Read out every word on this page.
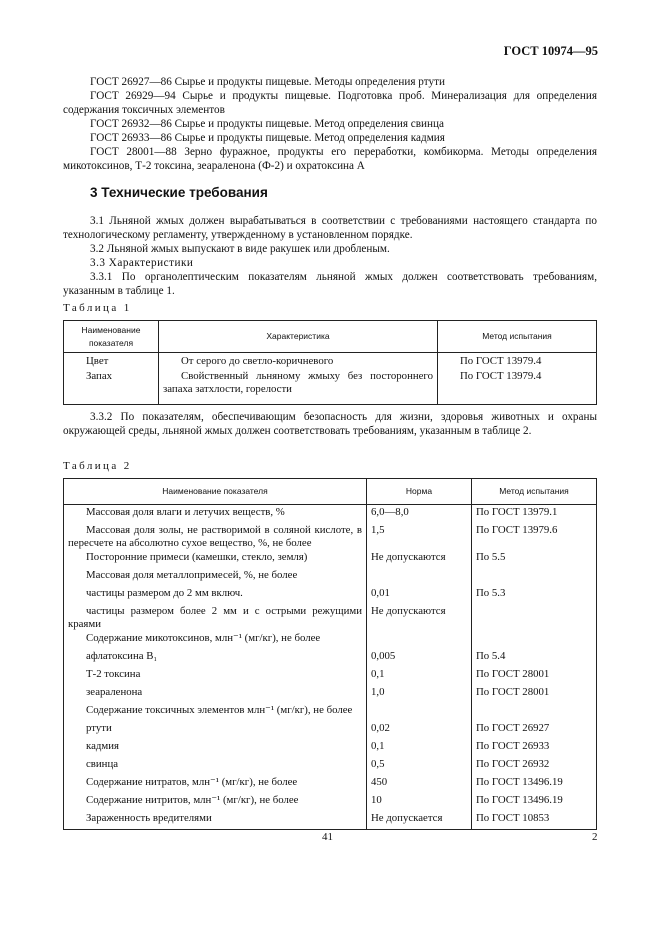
ГОСТ 10974—95
ГОСТ 26927—86 Сырье и продукты пищевые. Методы определения ртути
ГОСТ 26929—94 Сырье и продукты пищевые. Подготовка проб. Минерализация для определения содержания токсичных элементов
ГОСТ 26932—86 Сырье и продукты пищевые. Метод определения свинца
ГОСТ 26933—86 Сырье и продукты пищевые. Метод определения кадмия
ГОСТ 28001—88 Зерно фуражное, продукты его переработки, комбикорма. Методы определения микотоксинов, Т-2 токсина, зеараленона (Ф-2) и охратоксина А
3 Технические требования
3.1 Льняной жмых должен вырабатываться в соответствии с требованиями настоящего стандарта по технологическому регламенту, утвержденному в установленном порядке.
3.2 Льняной жмых выпускают в виде ракушек или дробленым.
3.3 Характеристики
3.3.1 По органолептическим показателям льняной жмых должен соответствовать требованиям, указанным в таблице 1.
Таблица 1
Наименование показателя	Характеристика	Метод испытания
Цвет	От серого до светло-коричневого	По ГОСТ 13979.4
Запах	Свойственный льняному жмыху без постороннего запаха затхлости, горелости	По ГОСТ 13979.4
3.3.2 По показателям, обеспечивающим безопасность для жизни, здоровья животных и охраны окружающей среды, льняной жмых должен соответствовать требованиям, указанным в таблице 2.
Таблица 2
Наименование показателя	Норма	Метод испытания
Массовая доля влаги и летучих веществ, %	6,0—8,0	По ГОСТ 13979.1
Массовая доля золы, не растворимой в соляной кислоте, в пересчете на абсолютно сухое вещество, %, не более	1,5	По ГОСТ 13979.6
Посторонние примеси (камешки, стекло, земля)	Не допускаются	По 5.5
Массовая доля металлопримесей, %, не более		
частицы размером до 2 мм включ.	0,01	По 5.3
частицы размером более 2 мм и с острыми режущими краями	Не допускаются	
Содержание микотоксинов, млн⁻¹ (мг/кг), не более		
афлатоксина B₁	0,005	По 5.4
Т-2 токсина	0,1	По ГОСТ 28001
зеараленона	1,0	По ГОСТ 28001
Содержание токсичных элементов млн⁻¹ (мг/кг), не более		
ртути	0,02	По ГОСТ 26927
кадмия	0,1	По ГОСТ 26933
свинца	0,5	По ГОСТ 26932
Содержание нитратов, млн⁻¹ (мг/кг), не более	450	По ГОСТ 13496.19
Содержание нитритов, млн⁻¹ (мг/кг), не более	10	По ГОСТ 13496.19
Зараженность вредителями	Не допускается	По ГОСТ 10853
41	2
